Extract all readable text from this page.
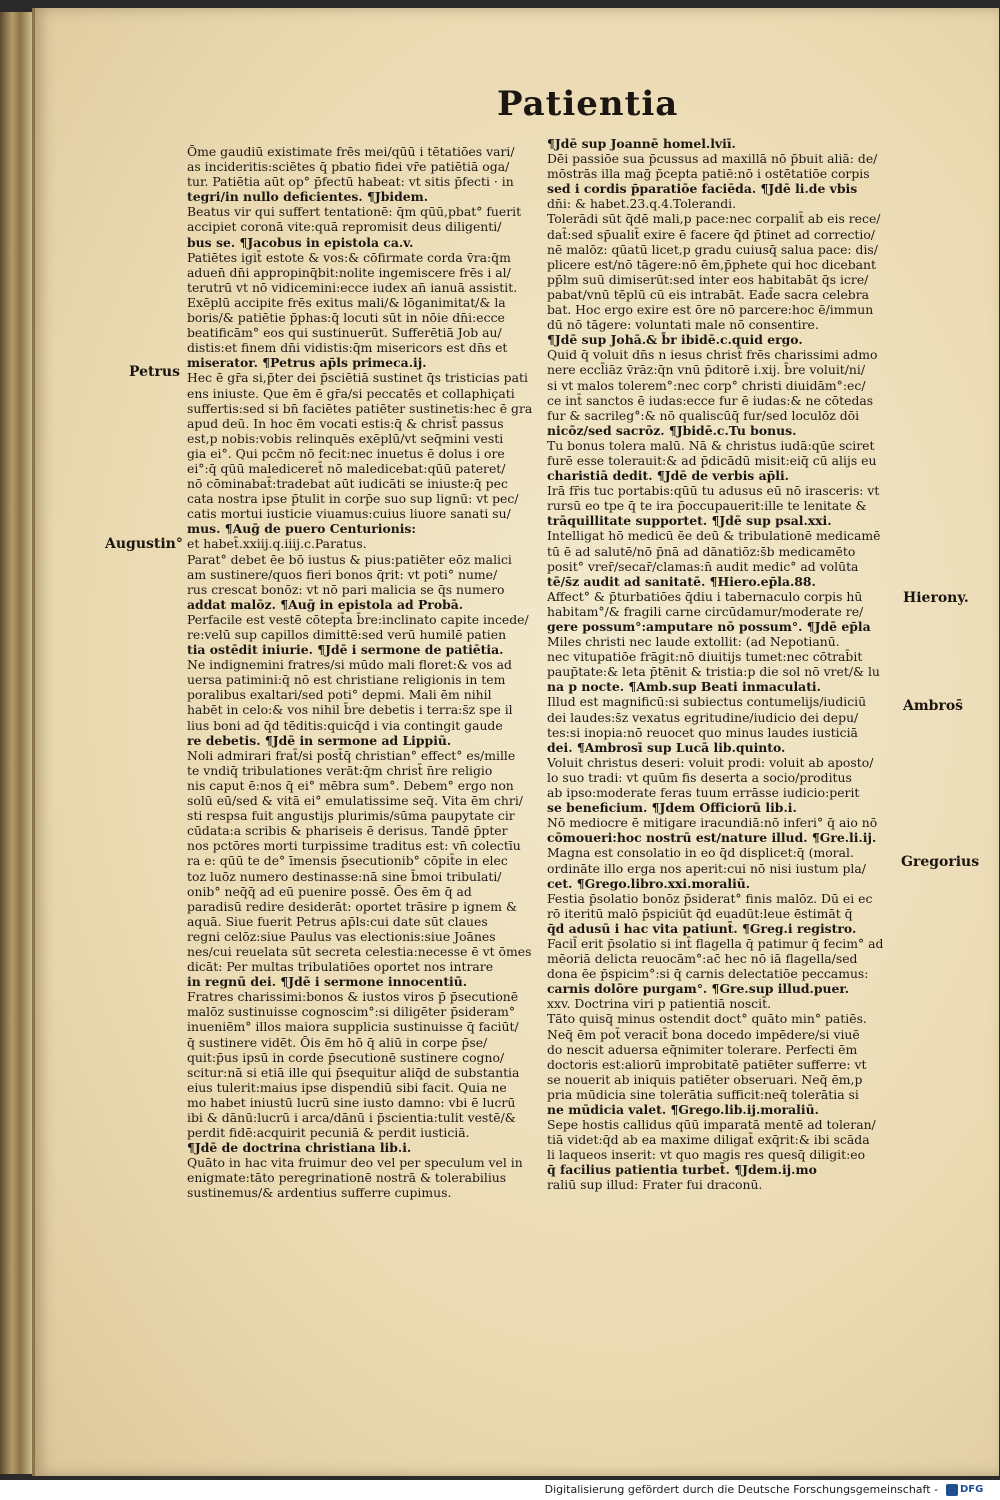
Patientia
Petrus
Augustin°
Hierony.
Ambros̄
Gregorius
Ōme gaudiū existimate frēs mei/qūū i tētatiōes vari/
as incideritis:sciētes q̄ pbatio fidei vr̄e patiētiā oga/
tur. Patiētia aūt op° p̄fectū habeat: vt sitis p̄fecti · in
tegri/in nullo deficientes. ¶Jbidem.
Beatus vir qui suffert tentationē: q̄m qūū,pbat° fuerit
accipiet coronā vite:quā repromisit deus diligenti/
bus se. ¶Jacobus in epistola ca.v.
Patiētes igit̄ estote & vos:& cōfirmate corda v̄ra:q̄m
aduen̄ dn̄i appropinq̄bit:nolite ingemiscere frēs i al/
terutrū vt nō vidicemini:ecce iudex an̄ ianuā assistit.
Exēplū accipite frēs exitus mali/& lōganimitat/& la
boris/& patiētie p̄phas:q̄ locuti sūt in nōie dn̄i:ecce
beatificām° eos qui sustinuerūt. Sufferētiā Job au/
distis:et finem dn̄i vidistis:q̄m misericors est dn̄s et
miserator. ¶Petrus ap̄ls primeca.ij.
Hec ē gr̄a si,p̄ter dei p̄sciētiā sustinet q̄s tristicias pati
ens iniuste. Que ēm ē gr̄a/si peccatēs et collaphiçati
suffertis:sed si bn̄ faciētes patiēter sustinetis:hec ē gra
apud deū. In hoc ēm vocati estis:q̄ & christ̄ passus
est,p nobis:vobis relinquēs exēplū/vt seq̄mini vesti
gia ei°. Qui pcc̄m nō fecit:nec inuetus ē dolus i ore
ei°:q̄ qūū malediceret̄ nō maledicebat:qūū pateret/
nō cōminabat̄:tradebat aūt iudicāti se iniuste:q̄ pec
cata nostra ipse p̄tulit in corp̄e suo sup lignū: vt pec/
catis mortui iusticie viuamus:cuius liuore sanati su/
mus. ¶Auḡ de puero Centurionis:
et habet̄.xxiij.q.iiij.c.Paratus.
Parat° debet ēe bō iustus & pius:patiēter eōz malici
am sustinere/quos fieri bonos q̄rit: vt poti° nume/
rus crescat bonōz: vt nō pari malicia se q̄s numero
addat malōz. ¶Auḡ in epistola ad Probā.
Perfacile est vestē cōtept̄a b̄re:inclinato capite incede/
re:velū sup capillos dimittē:sed verū humilē patien
tia ostēdit iniurie. ¶Jdē i sermone de patiētia.
Ne indignemini fratres/si mūdo mali floret:& vos ad
uersa patimini:q̄ nō est christiane religionis in tem
poralibus exaltari/sed poti° depmi. Mali ēm nihil
habēt in celo:& vos nihil b̄re debetis i terra:s̄z spe il
lius boni ad q̄d tēditis:quicq̄d i via contingit gaude
re debetis. ¶Jdē in sermone ad Lippiū.
Noli admirari frat̄/si post̄q̄ christian° effect° es/mille
te vndiq̄ tribulationes verāt:q̄m christ̄ n̄re religio
nis caput ē:nos q̄ ei° mēbra sum°. Debem° ergo non
solū eū/sed & vitā ei° emulatissime seq̄. Vita ēm chri/
sti respsa fuit angustijs plurimis/sūma paupytate cir
cūdata:a scribis & phariseis ē derisus. Tandē p̄pter
nos pctōres morti turpissime traditus est: vn̄ colectīu
ra e: qūū te de° īmensis p̄secutionib° cōpit̄e in elec
toz luōz numero destinasse:nā sine b̄moi tribulati/
onib° neq̄q̄ ad eū puenire possē. Ōes ēm q̄ ad
paradisū redire desiderāt: oportet trāsire p ignem &
aquā. Siue fuerit Petrus ap̄ls:cui date sūt claues
regni celōz:siue Paulus vas electionis:siue Joānes
nes/cui reuelata sūt secreta celestia:necesse ē vt ōmes
dicāt: Per multas tribulatiōes oportet nos intrare
in regnū dei. ¶Jdē i sermone innocentiū.
Fratres charissimi:bonos & iustos viros p̄ p̄secutionē
malōz sustinuisse cognoscim°:si diligēter p̄sideram°
inueniēm° illos maiora supplicia sustinuisse q̄ faciūt/
q̄ sustinere vidēt. Ōis ēm hō q̄ aliū in corpe p̄se/
quit:p̄us ipsū in corde p̄secutionē sustinere cogno/
scitur:nā si etiā ille qui p̄sequitur aliq̄d de substantia
eius tulerit:maius ipse dispendiū sibi facit. Quia ne
mo habet iniustū lucrū sine iusto damno: vbi ē lucrū
ibi & dānū:lucrū i arca/dānū i p̄scientia:tulit vestē/&
perdit fidē:acquirit pecuniā & perdit iusticiā.
¶Jdē de doctrina christiana lib.i.
Quāto in hac vita fruimur deo vel per speculum vel in
enigmate:tāto peregrinationē nostrā & tolerabilius
sustinemus/& ardentius sufferre cupimus.
¶Jdē sup Joannē homel.lviī.
Dēi passiōe sua p̄cussus ad maxillā nō p̄buit aliā: de/
mōstrās illa maḡ p̄cepta patiē:nō i ostētatiōe corpis
sed i cordis p̄paratiōe faciēda. ¶Jdē li.de vbis
dn̄i: & habet.23.q.4.Tolerandi.
Tolerādi sūt q̄dē mali,p pace:nec corpalit̄ ab eis rece/
dat̄:sed sp̄ualit̄ exire ē facere q̄d p̄tinet ad correctio/
nē malōz: qūatū licet,p gradu cuiusq̄ salua pace: dis/
plicere est/nō tāgere:nō ēm,p̄phete qui hoc dicebant
pp̄lm suū dimiserūt:sed inter eos habitabāt q̄s icre/
pabat/vnū tēplū cū eis intrabāt. Ead̄e sacra celebra
bat. Hoc ergo exire est ōre nō parcere:hoc ē/immun
dū nō tāgere: voluntati male nō consentire.
¶Jdē sup Johā.& b̄r ibidē.c.quid ergo.
Quid q̄ voluit dn̄s n iesus christ̄ frēs charissimi admo
nere eccl̄iāz v̄rāz:q̄n vnū p̄ditorē i.xij. b̄re voluit/ni/
si vt malos tolerem°:nec corp° christi diuidām°:ec/
ce int̄ sanctos ē iudas:ecce fur ē iudas:& ne cōtedas
fur & sacrileg°:& nō qualiscūq̄ fur/sed loculōz dōi
nicōz/sed sacrōz. ¶Jbidē.c.Tu bonus.
Tu bonus tolera malū. Nā & christus iudā:qūe sciret
furē esse tolerauit:& ad p̄dicādū misit:eiq̄ cū alijs eu
charistiā dedit. ¶Jdē de verbis ap̄li.
Irā fr̄is tuc portabis:qūū tu adusus eū nō irasceris: vt
rursū eo tpe q̄ te ira p̄occupauerit:ille te lenitate &
trāquillitate supportet. ¶Jdē sup psal.xxi.
Intelligat hō medicū ēe deū & tribulationē medicamē
tū ē ad salutē/nō p̄nā ad dānatiōz:s̄b medicamēto
posit° vrer̄/secar̄/clamas:n̄ audit medic° ad volūta
tē/s̄z audit ad sanitatē. ¶Hiero.ep̄la.88.
Affect° & p̄turbatiōes q̄diu i tabernaculo corpis hū
habitam°/& fragili carne circūdamur/moderate re/
gere possum°:amputare nō possum°. ¶Jdē ep̄la
Miles christi nec laude extollit: (ad Nepotianū.
nec vitupatiōe frāgit:nō diuitijs tumet:nec cōtrab̄it
paup̄tate:& leta p̄tēnit & tristia:p die sol nō vret/& lu
na p nocte. ¶Amb.sup Beati inmaculati.
Illud est magnificū:si subiectus contumelijs/iudiciū
dei laudes:s̄z vexatus egritudine/iudicio dei depu/
tes:si inopia:nō reuocet quo minus laudes iusticiā
dei. ¶Ambrosī sup Lucā lib.quinto.
Voluit christus deseri: voluit prodi: voluit ab aposto/
lo suo tradi: vt quūm fis deserta a socio/proditus
ab ipso:moderate feras tuum errāsse iudicio:perit
se beneficium. ¶Jdem Officiorū lib.i.
Nō mediocre ē mitigare iracundiā:nō inferi° q̄ aio nō
cōmoueri:hoc nostrū est/nature illud. ¶Gre.li.ij.
Magna est consolatio in eo q̄d displicet:q̄ (moral.
ordināte illo erga nos aperit:cui nō nisi iustum pla/
cet. ¶Grego.libro.xxi.moraliū.
Festia p̄solatio bonōz p̄siderat° finis malōz. Dū ei ec
rō iteritū malō p̄spiciūt q̄d euadūt:leue ēstimāt q̄
q̄d adusū i hac vita patiunt̄. ¶Greg.i registro.
Facil̄ erit p̄solatio si int̄ flagella q̄ patimur q̄ fecim° ad
mēoriā delicta reuocām°:ac̄ hec nō iā flagella/sed
dona ēe p̄spicim°:si q̄ carnis delectatiōe peccamus:
carnis dolōre purgam°. ¶Gre.sup illud.puer.
xxv. Doctrina viri p patientiā noscit̄.
Tāto quisq̄ minus ostendit doct° quāto min° patiēs.
Neq̄ ēm pot̄ veracit̄ bona docedo impēdere/si viuē
do nescit aduersa eq̄nimiter tolerare. Perfecti ēm
doctoris est:aliorū improbitatē patiēter sufferre: vt
se nouerit ab iniquis patiēter obseruari. Neq̄ ēm,p
pria mūdicia sine tolerātia sufficit:neq̄ tolerātia si
ne mūdicia valet. ¶Grego.lib.ij.moraliū.
Sepe hostis callidus qūū imparatā mentē ad toleran/
tiā videt:q̄d ab ea maxime diligat̄ exq̄rit:& ibi scāda
li laqueos inserit: vt quo magis res quesq̄ diligit:eo
q̄ facilius patientia turbet̄. ¶Jdem.ij.mo
raliū sup illud: Frater fui draconū.
Digitalisierung gefördert durch die Deutsche Forschungsgemeinschaft - DFG
